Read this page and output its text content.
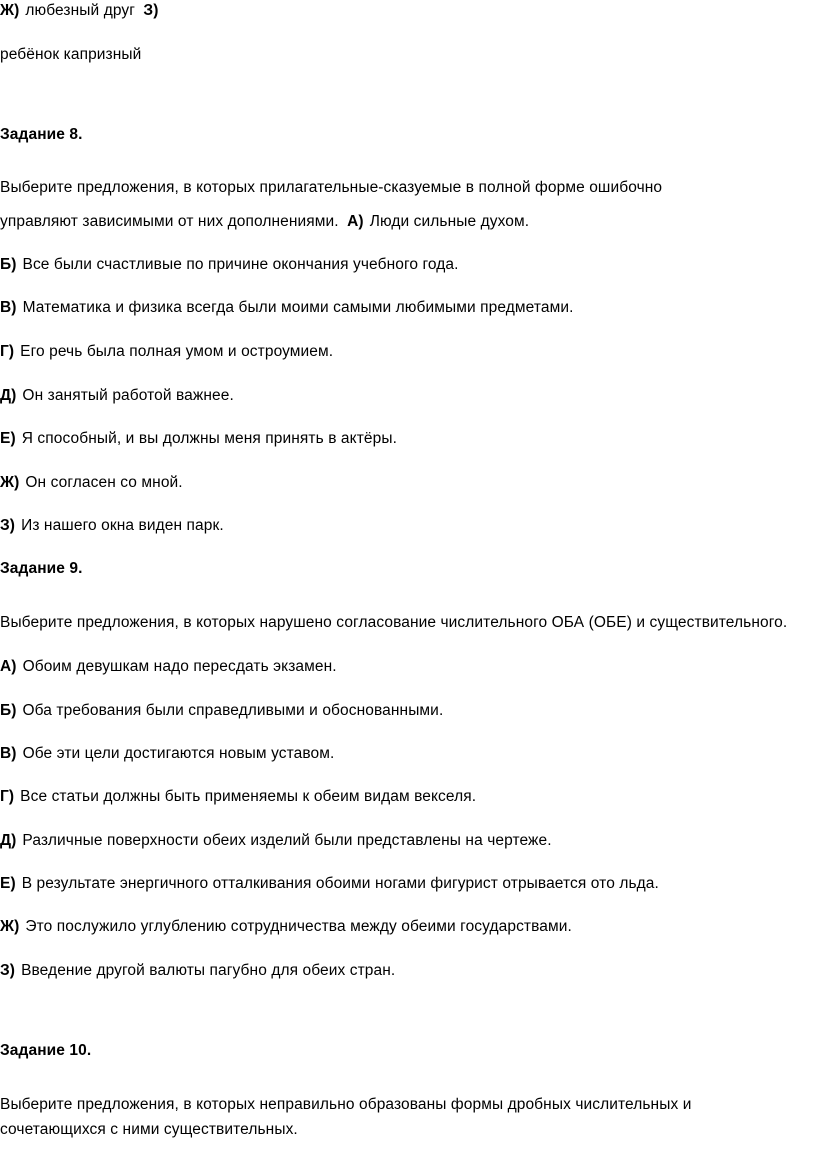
Ж) любезный друг З)
ребёнок капризный
Задание 8.
Выберите предложения, в которых прилагательные-сказуемые в полной форме ошибочно
управляют зависимыми от них дополнениями. А) Люди сильные духом.
Б) Все были счастливые по причине окончания учебного года.
В) Математика и физика всегда были моими самыми любимыми предметами.
Г) Его речь была полная умом и остроумием.
Д) Он занятый работой важнее.
Е) Я способный, и вы должны меня принять в актёры.
Ж) Он согласен со мной.
З) Из нашего окна виден парк.
Задание 9.
Выберите предложения, в которых нарушено согласование числительного ОБА (ОБЕ) и существительного.
А) Обоим девушкам надо пересдать экзамен.
Б) Оба требования были справедливыми и обоснованными.
В) Обе эти цели достигаются новым уставом.
Г) Все статьи должны быть применяемы к обеим видам векселя.
Д) Различные поверхности обеих изделий были представлены на чертеже.
Е) В результате энергичного отталкивания обоими ногами фигурист отрывается ото льда.
Ж) Это послужило углублению сотрудничества между обеими государствами.
З) Введение другой валюты пагубно для обеих стран.
Задание 10.
Выберите предложения, в которых неправильно образованы формы дробных числительных и
сочетающихся с ними существительных.
